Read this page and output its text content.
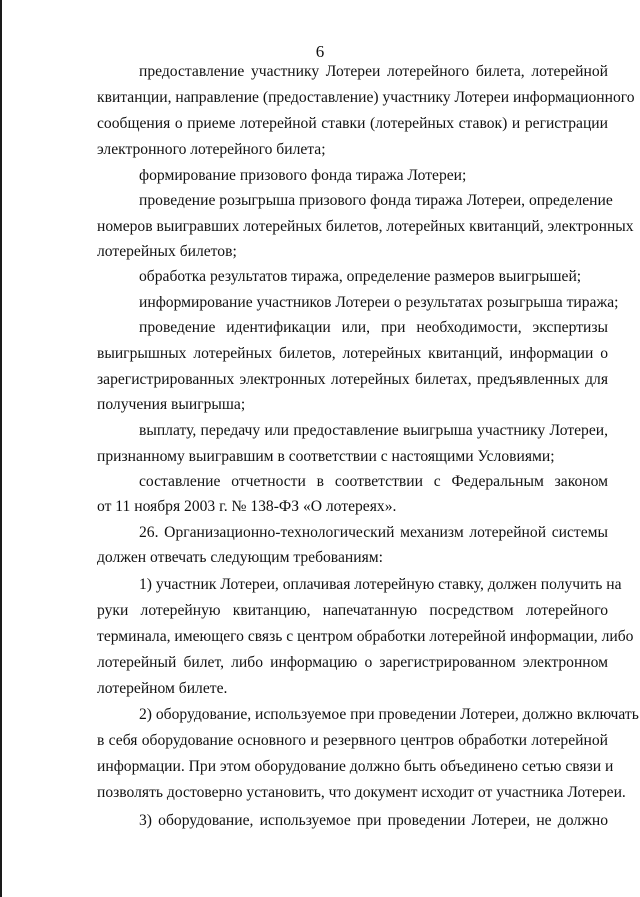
6
предоставление участнику Лотереи лотерейного билета, лотерейной
квитанции, направление (предоставление) участнику Лотереи информационного
сообщения о приеме лотерейной ставки (лотерейных ставок) и регистрации
электронного лотерейного билета;
формирование призового фонда тиража Лотереи;
проведение розыгрыша призового фонда тиража Лотереи, определение
номеров выигравших лотерейных билетов, лотерейных квитанций, электронных
лотерейных билетов;
обработка результатов тиража, определение размеров выигрышей;
информирование участников Лотереи о результатах розыгрыша тиража;
проведение идентификации или, при необходимости, экспертизы
выигрышных лотерейных билетов, лотерейных квитанций, информации о
зарегистрированных электронных лотерейных билетах, предъявленных для
получения выигрыша;
выплату, передачу или предоставление выигрыша участнику Лотереи,
признанному выигравшим в соответствии с настоящими Условиями;
составление отчетности в соответствии с Федеральным законом
от 11 ноября 2003 г. № 138-ФЗ «О лотереях».
26. Организационно-технологический механизм лотерейной системы
должен отвечать следующим требованиям:
1) участник Лотереи, оплачивая лотерейную ставку, должен получить на
руки лотерейную квитанцию, напечатанную посредством лотерейного
терминала, имеющего связь с центром обработки лотерейной информации, либо
лотерейный билет, либо информацию о зарегистрированном электронном
лотерейном билете.
2) оборудование, используемое при проведении Лотереи, должно включать
в себя оборудование основного и резервного центров обработки лотерейной
информации. При этом оборудование должно быть объединено сетью связи и
позволять достоверно установить, что документ исходит от участника Лотереи.
3) оборудование, используемое при проведении Лотереи, не должно
